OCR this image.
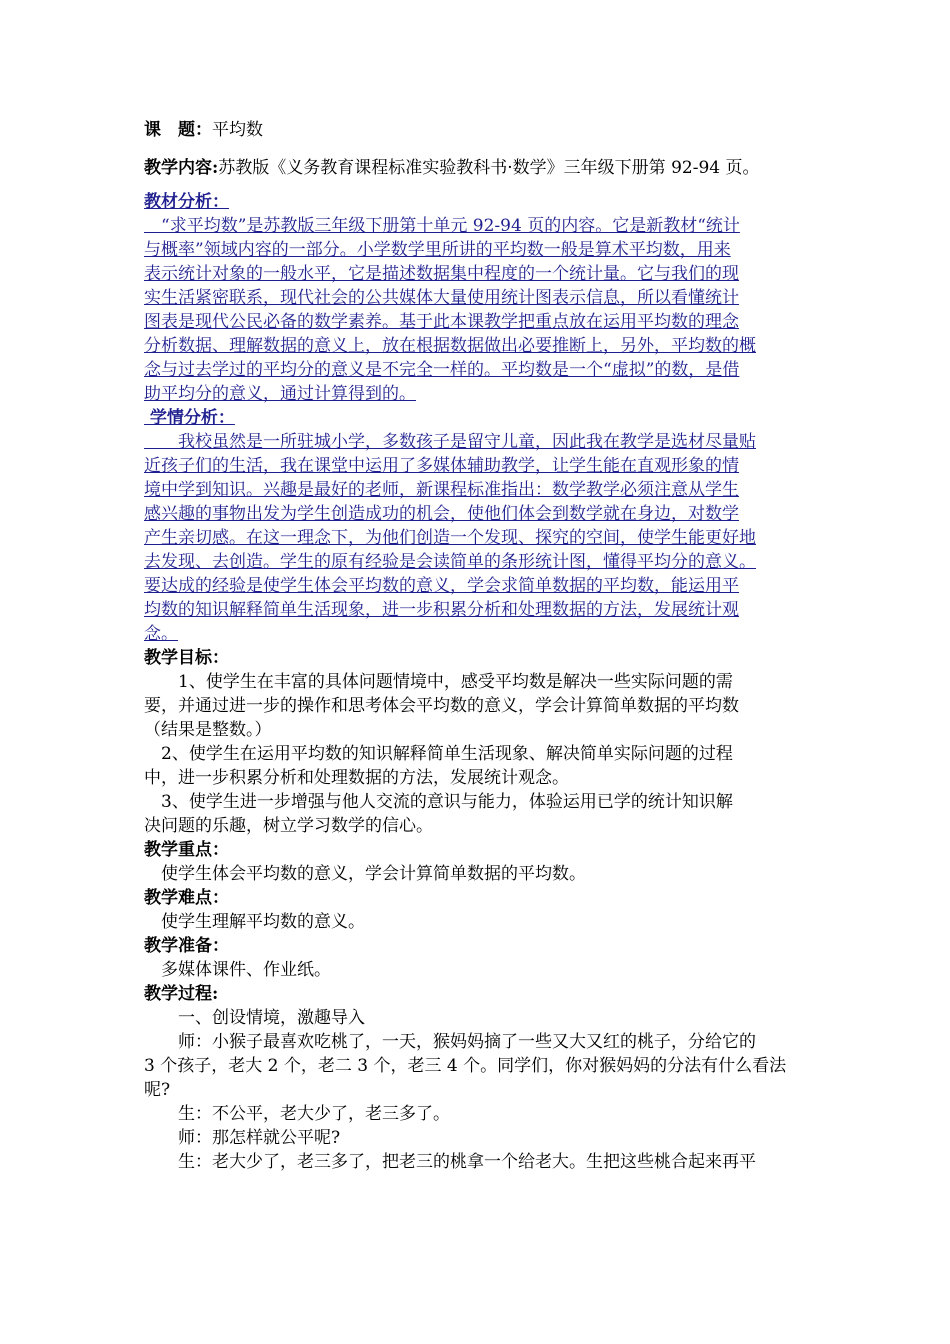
课　题：平均数
教学内容:苏教版《义务教育课程标准实验教科书·数学》三年级下册第 92-94 页。
教材分析：
　“求平均数”是苏教版三年级下册第十单元 92-94 页的内容。它是新教材“统计
与概率”领域内容的一部分。小学数学里所讲的平均数一般是算术平均数，用来
表示统计对象的一般水平，它是描述数据集中程度的一个统计量。它与我们的现
实生活紧密联系，现代社会的公共媒体大量使用统计图表示信息，所以看懂统计
图表是现代公民必备的数学素养。基于此本课教学把重点放在运用平均数的理念
分析数据、理解数据的意义上，放在根据数据做出必要推断上，另外，平均数的概
念与过去学过的平均分的意义是不完全一样的。平均数是一个“虚拟”的数，是借
助平均分的意义，通过计算得到的。
学情分析：
　　我校虽然是一所驻城小学，多数孩子是留守儿童，因此我在教学是选材尽量贴
近孩子们的生活，我在课堂中运用了多媒体辅助教学，让学生能在直观形象的情
境中学到知识。兴趣是最好的老师，新课程标准指出：数学教学必须注意从学生
感兴趣的事物出发为学生创造成功的机会，使他们体会到数学就在身边，对数学
产生亲切感。在这一理念下，为他们创造一个发现、探究的空间，使学生能更好地
去发现、去创造。学生的原有经验是会读简单的条形统计图，懂得平均分的意义。
要达成的经验是使学生体会平均数的意义，学会求简单数据的平均数，能运用平
均数的知识解释简单生活现象，进一步积累分析和处理数据的方法，发展统计观
念。
教学目标：
　　1、使学生在丰富的具体问题情境中，感受平均数是解决一些实际问题的需
要，并通过进一步的操作和思考体会平均数的意义，学会计算简单数据的平均数
（结果是整数。）
　2、使学生在运用平均数的知识解释简单生活现象、解决简单实际问题的过程
中，进一步积累分析和处理数据的方法，发展统计观念。
　3、使学生进一步增强与他人交流的意识与能力，体验运用已学的统计知识解
决问题的乐趣，树立学习数学的信心。
教学重点：
　使学生体会平均数的意义，学会计算简单数据的平均数。
教学难点：
　使学生理解平均数的意义。
教学准备：
　多媒体课件、作业纸。
教学过程:
　　一、创设情境，激趣导入
　　师：小猴子最喜欢吃桃了，一天，猴妈妈摘了一些又大又红的桃子，分给它的
3 个孩子，老大 2 个，老二 3 个，老三 4 个。同学们，你对猴妈妈的分法有什么看法
呢?
　　生：不公平，老大少了，老三多了。
　　师：那怎样就公平呢?
　　生：老大少了，老三多了，把老三的桃拿一个给老大。生把这些桃合起来再平
